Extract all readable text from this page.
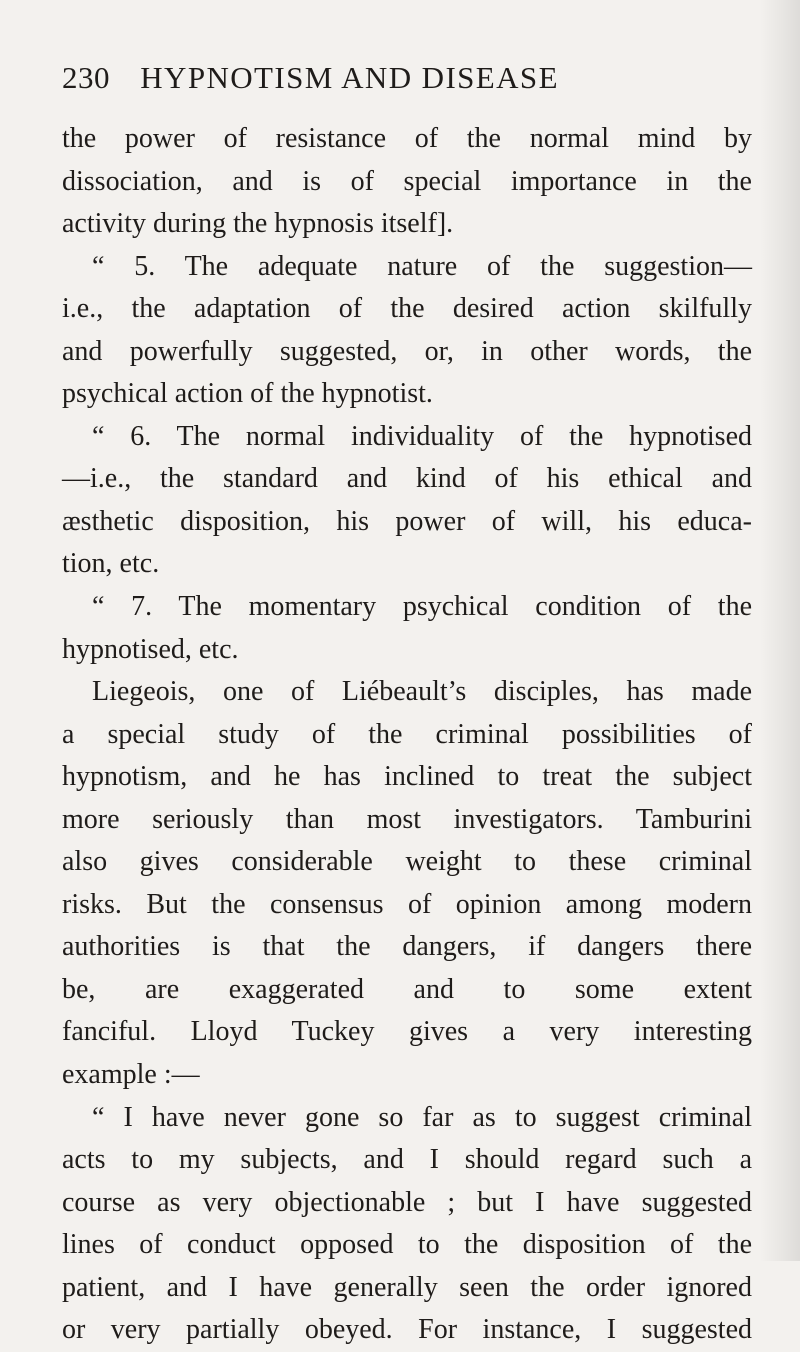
230 HYPNOTISM AND DISEASE
the power of resistance of the normal mind by
dissociation, and is of special importance in the
activity during the hypnosis itself].
“ 5. The adequate nature of the suggestion—
i.e., the adaptation of the desired action skilfully
and powerfully suggested, or, in other words, the
psychical action of the hypnotist.
“ 6. The normal individuality of the hypnotised
—i.e., the standard and kind of his ethical and
æsthetic disposition, his power of will, his educa-
tion, etc.
“ 7. The momentary psychical condition of the
hypnotised, etc.
Liegeois, one of Liébeault’s disciples, has made
a special study of the criminal possibilities of
hypnotism, and he has inclined to treat the subject
more seriously than most investigators. Tamburini
also gives considerable weight to these criminal
risks. But the consensus of opinion among modern
authorities is that the dangers, if dangers there
be, are exaggerated and to some extent
fanciful. Lloyd Tuckey gives a very interesting
example :—
“ I have never gone so far as to suggest criminal
acts to my subjects, and I should regard such a
course as very objectionable ; but I have suggested
lines of conduct opposed to the disposition of the
patient, and I have generally seen the order ignored
or very partially obeyed. For instance, I suggested
